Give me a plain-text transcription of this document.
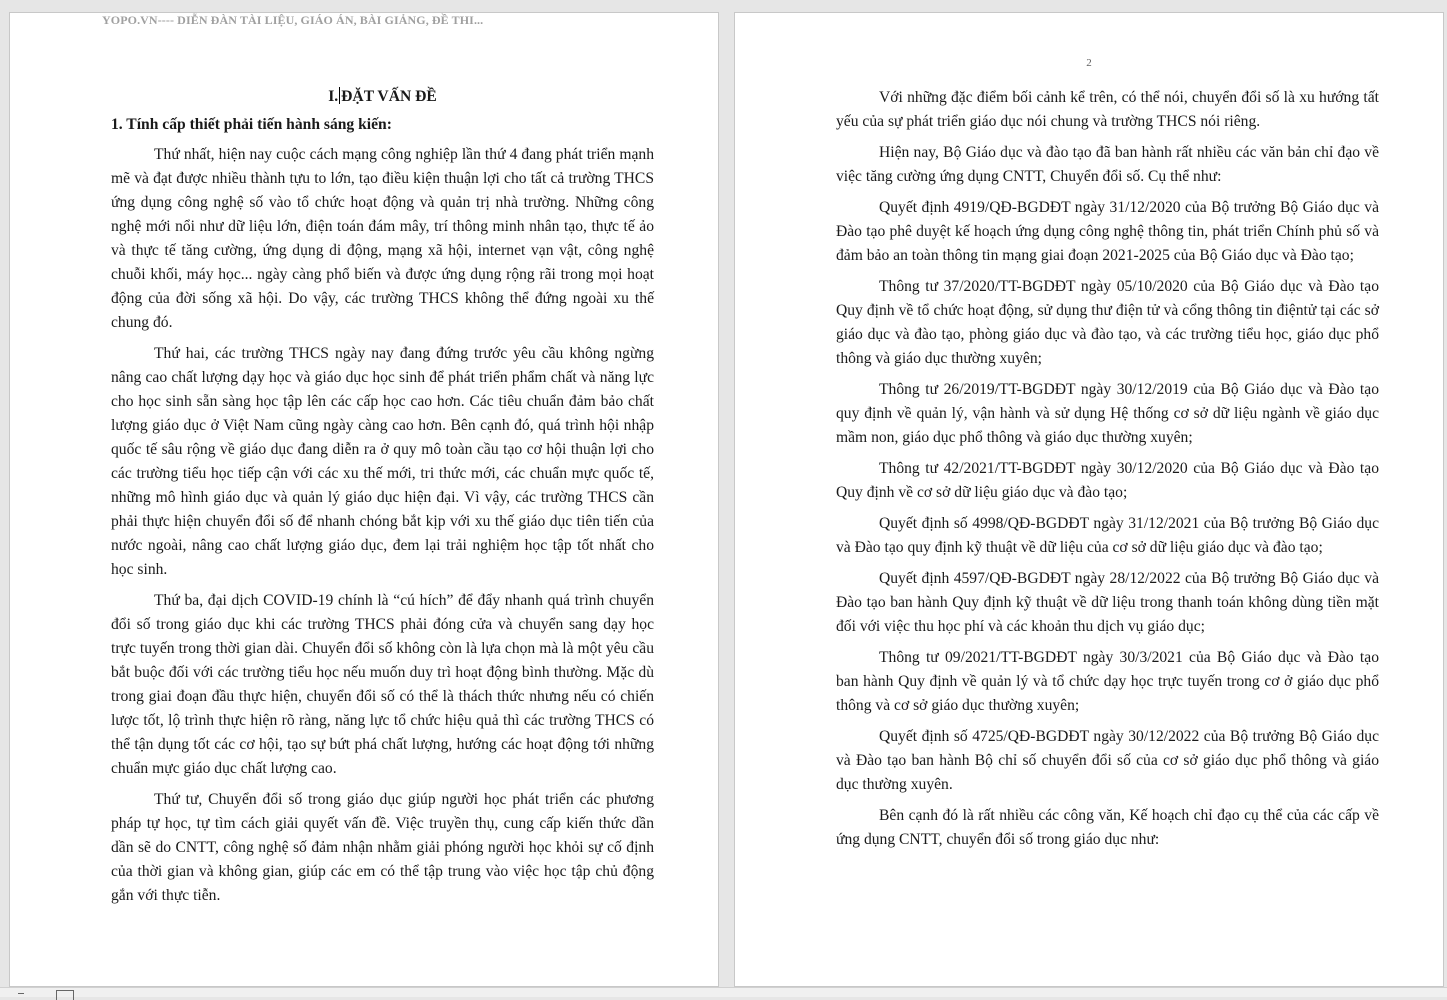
YOPO.VN---- DIỄN ĐÀN TÀI LIỆU, GIÁO ÁN, BÀI GIẢNG, ĐỀ THI...
I. ĐẶT VẤN ĐỀ
1. Tính cấp thiết phải tiến hành sáng kiến:

Thứ nhất, hiện nay cuộc cách mạng công nghiệp lần thứ 4 đang phát triển mạnh mẽ và đạt được nhiều thành tựu to lớn, tạo điều kiện thuận lợi cho tất cả trường THCS ứng dụng công nghệ số vào tổ chức hoạt động và quản trị nhà trường. Những công nghệ mới nổi như dữ liệu lớn, điện toán đám mây, trí thông minh nhân tạo, thực tế ảo và thực tế tăng cường, ứng dụng di động, mạng xã hội, internet vạn vật, công nghệ chuỗi khối, máy học... ngày càng phổ biến và được ứng dụng rộng rãi trong mọi hoạt động của đời sống xã hội. Do vậy, các trường THCS không thể đứng ngoài xu thế chung đó.

Thứ hai, các trường THCS ngày nay đang đứng trước yêu cầu không ngừng nâng cao chất lượng dạy học và giáo dục học sinh để phát triển phẩm chất và năng lực cho học sinh sẵn sàng học tập lên các cấp học cao hơn. Các tiêu chuẩn đảm bảo chất lượng giáo dục ở Việt Nam cũng ngày càng cao hơn. Bên cạnh đó, quá trình hội nhập quốc tế sâu rộng về giáo dục đang diễn ra ở quy mô toàn cầu tạo cơ hội thuận lợi cho các trường tiểu học tiếp cận với các xu thế mới, tri thức mới, các chuẩn mực quốc tế, những mô hình giáo dục và quản lý giáo dục hiện đại. Vì vậy, các trường THCS cần phải thực hiện chuyển đổi số để nhanh chóng bắt kịp với xu thế giáo dục tiên tiến của nước ngoài, nâng cao chất lượng giáo dục, đem lại trải nghiệm học tập tốt nhất cho học sinh.

Thứ ba, đại dịch COVID-19 chính là “cú hích” để đẩy nhanh quá trình chuyển đổi số trong giáo dục khi các trường THCS phải đóng cửa và chuyển sang dạy học trực tuyến trong thời gian dài. Chuyển đổi số không còn là lựa chọn mà là một yêu cầu bắt buộc đối với các trường tiểu học nếu muốn duy trì hoạt động bình thường. Mặc dù trong giai đoạn đầu thực hiện, chuyển đổi số có thể là thách thức nhưng nếu có chiến lược tốt, lộ trình thực hiện rõ ràng, năng lực tổ chức hiệu quả thì các trường THCS có thể tận dụng tốt các cơ hội, tạo sự bứt phá chất lượng, hướng các hoạt động tới những chuẩn mực giáo dục chất lượng cao.

Thứ tư, Chuyển đổi số trong giáo dục giúp người học phát triển các phương pháp tự học, tự tìm cách giải quyết vấn đề. Việc truyền thụ, cung cấp kiến thức dần dần sẽ do CNTT, công nghệ số đảm nhận nhằm giải phóng người học khỏi sự cố định của thời gian và không gian, giúp các em có thể tập trung vào việc học tập chủ động gắn với thực tiễn.

2

Với những đặc điểm bối cảnh kể trên, có thể nói, chuyển đổi số là xu hướng tất yếu của sự phát triển giáo dục nói chung và trường THCS nói riêng.

Hiện nay, Bộ Giáo dục và đào tạo đã ban hành rất nhiều các văn bản chỉ đạo về việc tăng cường ứng dụng CNTT, Chuyển đổi số. Cụ thể như:

Quyết định 4919/QĐ-BGDĐT ngày 31/12/2020 của Bộ trưởng Bộ Giáo dục và Đào tạo phê duyệt kế hoạch ứng dụng công nghệ thông tin, phát triển Chính phủ số và đảm bảo an toàn thông tin mạng giai đoạn 2021-2025 của Bộ Giáo dục và Đào tạo;

Thông tư 37/2020/TT-BGDĐT ngày 05/10/2020 của Bộ Giáo dục và Đào tạo Quy định về tổ chức hoạt động, sử dụng thư điện tử và cổng thông tin điệntử tại các sở giáo dục và đào tạo, phòng giáo dục và đào tạo, và các trường tiểu học, giáo dục phổ thông và giáo dục thường xuyên;

Thông tư 26/2019/TT-BGDĐT ngày 30/12/2019 của Bộ Giáo dục và Đào tạo quy định về quản lý, vận hành và sử dụng Hệ thống cơ sở dữ liệu ngành về giáo dục mầm non, giáo dục phổ thông và giáo dục thường xuyên;

Thông tư 42/2021/TT-BGDĐT ngày 30/12/2020 của Bộ Giáo dục và Đào tạo Quy định về cơ sở dữ liệu giáo dục và đào tạo;

Quyết định số 4998/QĐ-BGDĐT ngày 31/12/2021 của Bộ trưởng Bộ Giáo dục và Đào tạo quy định kỹ thuật về dữ liệu của cơ sở dữ liệu giáo dục và đào tạo;

Quyết định 4597/QĐ-BGDĐT ngày 28/12/2022 của Bộ trưởng Bộ Giáo dục và Đào tạo ban hành Quy định kỹ thuật về dữ liệu trong thanh toán không dùng tiền mặt đối với việc thu học phí và các khoản thu dịch vụ giáo dục;

Thông tư 09/2021/TT-BGDĐT ngày 30/3/2021 của Bộ Giáo dục và Đào tạo ban hành Quy định về quản lý và tổ chức dạy học trực tuyến trong cơ ở giáo dục phổ thông và cơ sở giáo dục thường xuyên;

Quyết định số 4725/QĐ-BGDĐT ngày 30/12/2022 của Bộ trưởng Bộ Giáo dục và Đào tạo ban hành Bộ chỉ số chuyển đổi số của cơ sở giáo dục phổ thông và giáo dục thường xuyên.

Bên cạnh đó là rất nhiều các công văn, Kế hoạch chỉ đạo cụ thể của các cấp về ứng dụng CNTT, chuyển đổi số trong giáo dục như:
